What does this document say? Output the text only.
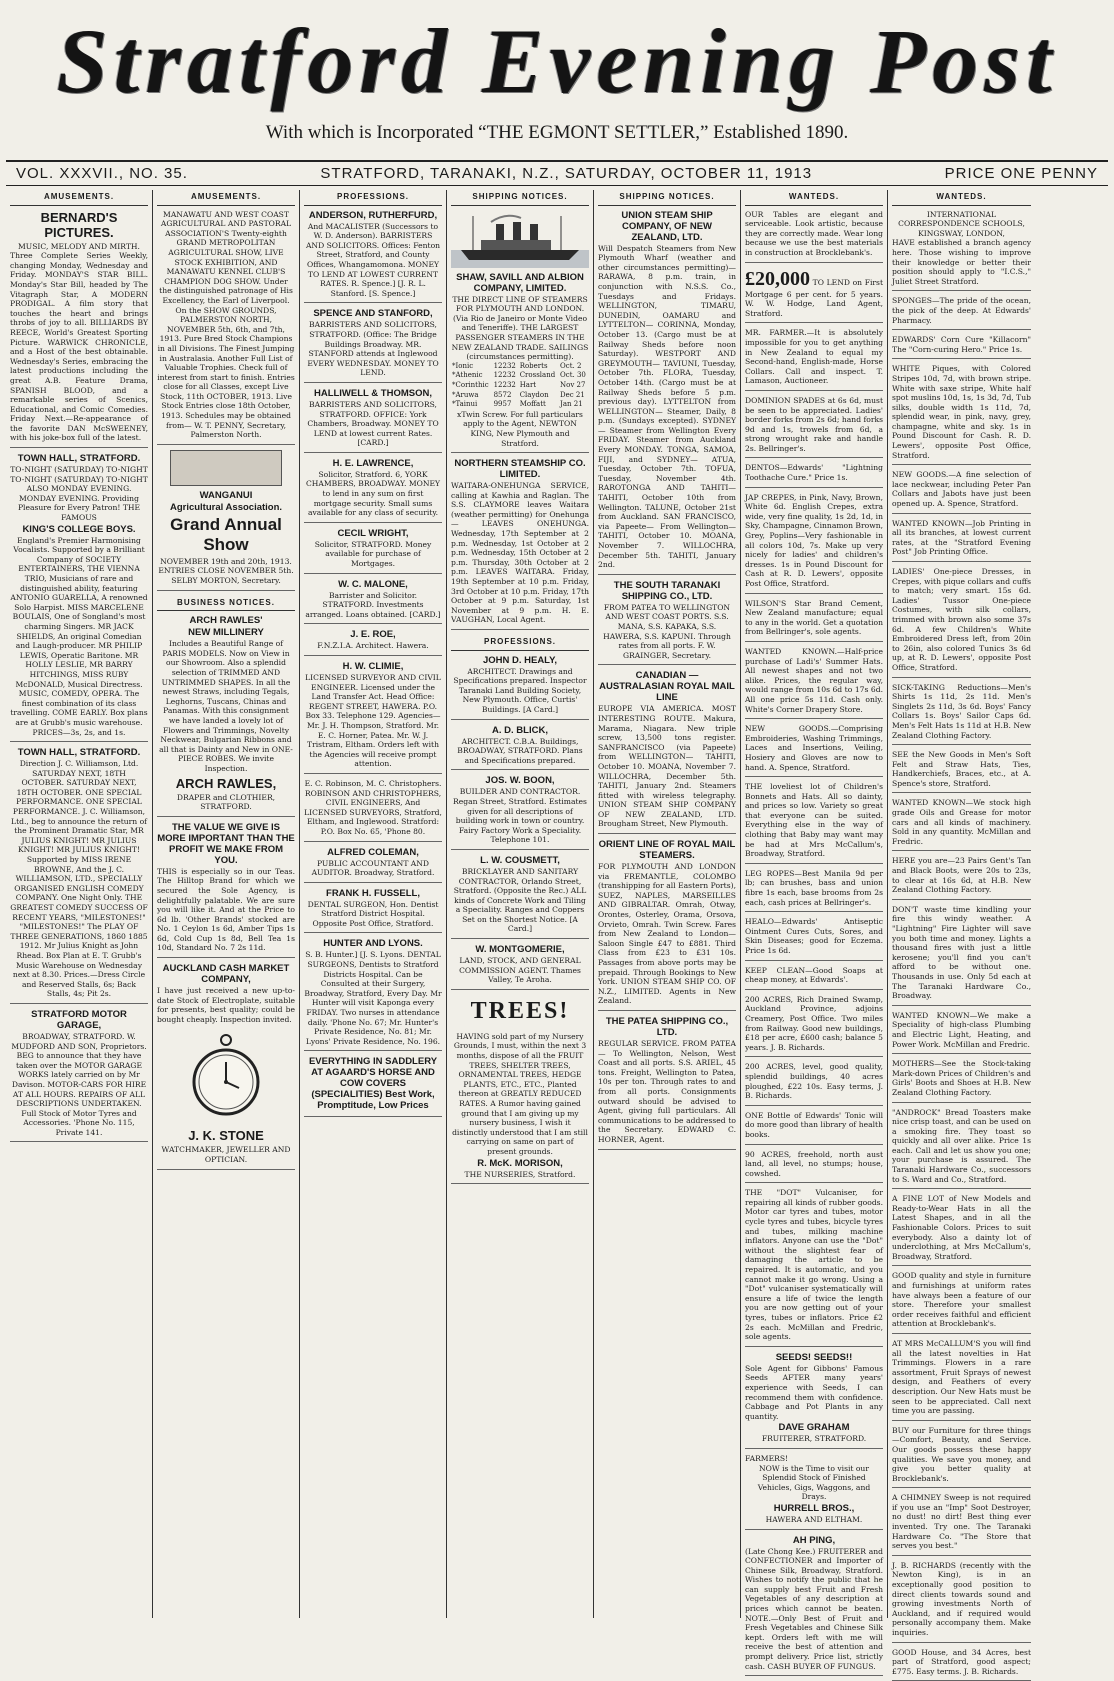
Stratford Evening Post
With which is Incorporated “THE EGMONT SETTLER,” Established 1890.
VOL. XXXVII., NO. 35.	STRATFORD, TARANAKI, N.Z., SATURDAY, OCTOBER 11, 1913	PRICE ONE PENNY
AMUSEMENTS.
BERNARD'S PICTURES.
MUSIC, MELODY AND MIRTH.
Three Complete Series Weekly, changing Monday, Wednesday and Friday. MONDAY'S STAR BILL. Monday's Star Bill, headed by The Vitagraph Star, A MODERN PRODIGAL. A film story that touches the heart and brings throbs of joy to all. BILLIARDS BY REECE, World's Greatest Sporting Picture. WARWICK CHRONICLE, and a Host of the best obtainable. Wednesday's Series, embracing the latest productions including the great A.B. Feature Drama, SPANISH BLOOD, and a remarkable series of Scenics, Educational, and Comic Comedies. Friday Next.—Re-appearance of the favorite DAN McSWEENEY, with his joke-box full of the latest.
TOWN HALL, STRATFORD.
TO-NIGHT (SATURDAY) TO-NIGHT TO-NIGHT (SATURDAY) TO-NIGHT ALSO MONDAY EVENING. MONDAY EVENING. Providing Pleasure for Every Patron! THE FAMOUS
KING'S COLLEGE BOYS.
England's Premier Harmonising Vocalists. Supported by a Brilliant Company of SOCIETY ENTERTAINERS, THE VIENNA TRIO, Musicians of rare and distinguished ability, featuring ANTONIO GUARELLA, A renowned Solo Harpist. MISS MARCELENE BOULAIS, One of Songland's most charming Singers. MR JACK SHIELDS, An original Comedian and Laugh-producer. MR PHILIP LEWIS, Operatic Baritone. MR HOLLY LESLIE, MR BARRY HITCHINGS, MISS RUBY McDONALD, Musical Directress. MUSIC, COMEDY, OPERA. The finest combination of its class travelling. COME EARLY. Box plans are at Grubb's music warehouse. PRICES—3s, 2s, and 1s.
TOWN HALL, STRATFORD.
Direction J. C. Williamson, Ltd. SATURDAY NEXT, 18TH OCTOBER. SATURDAY NEXT, 18TH OCTOBER. ONE SPECIAL PERFORMANCE. ONE SPECIAL PERFORMANCE. J. C. Williamson, Ltd., beg to announce the return of the Prominent Dramatic Star, MR JULIUS KNIGHT! MR JULIUS KNIGHT! MR JULIUS KNIGHT! Supported by MISS IRENE BROWNE, And the J. C. WILLIAMSON, LTD., SPECIALLY ORGANISED ENGLISH COMEDY COMPANY. One Night Only. THE GREATEST COMEDY SUCCESS OF RECENT YEARS, "MILESTONES!" "MILESTONES!" The PLAY OF THREE GENERATIONS, 1860 1885 1912. Mr Julius Knight as John Rhead. Box Plan at E. T. Grubb's Music Warehouse on Wednesday next at 8.30. Prices.—Dress Circle and Reserved Stalls, 6s; Back Stalls, 4s; Pit 2s.
STRATFORD MOTOR GARAGE,
BROADWAY, STRATFORD. W. MUDFORD AND SON, Proprietors. BEG to announce that they have taken over the MOTOR GARAGE WORKS lately carried on by Mr Davison. MOTOR-CARS FOR HIRE AT ALL HOURS. REPAIRS OF ALL DESCRIPTIONS UNDERTAKEN. Full Stock of Motor Tyres and Accessories. 'Phone No. 115, Private 141.
AMUSEMENTS.
MANAWATU AND WEST COAST AGRICULTURAL AND PASTORAL ASSOCIATION'S Twenty-eighth GRAND METROPOLITAN AGRICULTURAL SHOW, LIVE STOCK EXHIBITION, AND MANAWATU KENNEL CLUB'S CHAMPION DOG SHOW. Under the distinguished patronage of His Excellency, the Earl of Liverpool. On the SHOW GROUNDS, PALMERSTON NORTH, NOVEMBER 5th, 6th, and 7th, 1913. Pure Bred Stock Champions in all Divisions. The Finest Jumping in Australasia. Another Full List of Valuable Trophies. Check full of interest from start to finish. Entries close for all Classes, except Live Stock, 11th OCTOBER, 1913. Live Stock Entries close 18th October, 1913. Schedules may be obtained from— W. T. PENNY, Secretary, Palmerston North.
WANGANUI
Agricultural Association.
Grand Annual Show
NOVEMBER 19th and 20th, 1913. ENTRIES CLOSE NOVEMBER 5th. SELBY MORTON, Secretary.
BUSINESS NOTICES.
ARCH RAWLES'
NEW MILLINERY
Includes a Beautiful Range of PARIS MODELS. Now on View in our Showroom. Also a splendid selection of TRIMMED AND UNTRIMMED SHAPES. In all the newest Straws, including Tegals, Leghorns, Tuscans, Chinas and Panamas. With this consignment we have landed a lovely lot of Flowers and Trimmings, Novelty Neckwear, Bulgarian Ribbons and all that is Dainty and New in ONE-PIECE ROBES. We invite Inspection.
ARCH RAWLES,
DRAPER and CLOTHIER, STRATFORD.
THE VALUE WE GIVE IS MORE IMPORTANT THAN THE PROFIT WE MAKE FROM YOU.
THIS is especially so in our Teas. The Hilltop Brand for which we secured the Sole Agency, is delightfully palatable. We are sure you will like it. And at the Price to 6d lb. 'Other Brands' stocked are No. 1 Ceylon 1s 6d, Amber Tips 1s 6d, Cold Cup 1s 8d, Bell Tea 1s 10d, Standard No. 7 2s 11d.
AUCKLAND CASH MARKET COMPANY,
I have just received a new up-to-date Stock of Electroplate, suitable for presents, best quality; could be bought cheaply. Inspection invited.
J. K. STONE
WATCHMAKER, JEWELLER AND OPTICIAN.
PROFESSIONS.
ANDERSON, RUTHERFURD,
And MACALISTER (Successors to W. D. Anderson). BARRISTERS AND SOLICITORS. Offices: Fenton Street, Stratford, and County Offices, Whangamomona. MONEY TO LEND AT LOWEST CURRENT RATES. R. Spence.] [J. R. L. Stanford. [S. Spence.]
SPENCE AND STANFORD,
BARRISTERS AND SOLICITORS, STRATFORD. (Office: The Bridge Buildings Broadway. MR. STANFORD attends at Inglewood EVERY WEDNESDAY. MONEY TO LEND.
HALLIWELL & THOMSON,
BARRISTERS AND SOLICITORS, STRATFORD. OFFICE: York Chambers, Broadway. MONEY TO LEND at lowest current Rates. [CARD.]
H. E. LAWRENCE,
Solicitor, Stratford. 6, YORK CHAMBERS, BROADWAY. MONEY to lend in any sum on first mortgage security. Small sums available for any class of security.
CECIL WRIGHT,
Solicitor, STRATFORD. Money available for purchase of Mortgages.
W. C. MALONE,
Barrister and Solicitor. STRATFORD. Investments arranged. Loans obtained. [CARD.]
J. E. ROE,
F.N.Z.I.A. Architect. Hawera.
H. W. CLIMIE,
LICENSED SURVEYOR AND CIVIL ENGINEER. Licensed under the Land Transfer Act. Head Office: REGENT STREET, HAWERA. P.O. Box 33. Telephone 129. Agencies— Mr. J. H. Thompson, Stratford. Mr. E. C. Horner, Patea. Mr. W. J. Tristram, Eltham. Orders left with the Agencies will receive prompt attention.
E. C. Robinson, M. C. Christophers. ROBINSON AND CHRISTOPHERS, CIVIL ENGINEERS, And LICENSED SURVEYORS, Stratford, Eltham, and Inglewood. Stratford: P.O. Box No. 65, 'Phone 80.
ALFRED COLEMAN,
PUBLIC ACCOUNTANT AND AUDITOR. Broadway, Stratford.
FRANK H. FUSSELL,
DENTAL SURGEON, Hon. Dentist Stratford District Hospital. Opposite Post Office, Stratford.
HUNTER AND LYONS.
S. B. Hunter.] [J. S. Lyons. DENTAL SURGEONS, Dentists to Stratford Districts Hospital. Can be Consulted at their Surgery, Broadway, Stratford, Every Day. Mr Hunter will visit Kaponga every FRIDAY. Two nurses in attendance daily. 'Phone No. 67; Mr. Hunter's Private Residence, No. 81; Mr. Lyons' Private Residence, No. 196.
EVERYTHING IN SADDLERY AT AGAARD'S HORSE AND COW COVERS (SPECIALITIES) Best Work, Promptitude, Low Prices
SHIPPING NOTICES.
SHAW, SAVILL AND ALBION COMPANY, LIMITED.
THE DIRECT LINE OF STEAMERS FOR PLYMOUTH AND LONDON. (Via Rio de Janeiro or Monte Video and Teneriffe). THE LARGEST PASSENGER STEAMERS IN THE NEW ZEALAND TRADE. SAILINGS (circumstances permitting).
*Ionic	12232	Roberts	Oct. 2
*Athenic	12232	Crossland	Oct. 30
*Corinthic	12232	Hart	Nov 27
*Aruwa	8572	Claydon	Dec 21
*Tainui	9957	Moffatt	Jan 21
xTwin Screw. For full particulars apply to the Agent, NEWTON KING, New Plymouth and Stratford.
NORTHERN STEAMSHIP CO. LIMITED.
WAITARA-ONEHUNGA SERVICE, calling at Kawhia and Raglan. The S.S. CLAYMORE leaves Waitara (weather permitting) for Onehunga— LEAVES ONEHUNGA. Wednesday, 17th September at 2 p.m. Wednesday, 1st October at 2 p.m. Wednesday, 15th October at 2 p.m. Thursday, 30th October at 2 p.m. LEAVES WAITARA. Friday, 19th September at 10 p.m. Friday, 3rd October at 10 p.m. Friday, 17th October at 9 p.m. Saturday, 1st November at 9 p.m. H. E. VAUGHAN, Local Agent.
PROFESSIONS.
JOHN D. HEALY,
ARCHITECT. Drawings and Specifications prepared. Inspector Taranaki Land Building Society, New Plymouth. Office, Curtis' Buildings. [A Card.]
A. D. BLICK,
ARCHITECT. C.B.A. Buildings, BROADWAY, STRATFORD. Plans and Specifications prepared.
JOS. W. BOON,
BUILDER AND CONTRACTOR. Regan Street, Stratford. Estimates given for all descriptions of building work in town or country. Fairy Factory Work a Speciality. Telephone 101.
L. W. COUSMETT,
BRICKLAYER AND SANITARY CONTRACTOR, Orlando Street, Stratford. (Opposite the Rec.) ALL kinds of Concrete Work and Tiling a Speciality. Ranges and Coppers Set on the Shortest Notice. [A Card.]
W. MONTGOMERIE,
LAND, STOCK, AND GENERAL COMMISSION AGENT. Thames Valley, Te Aroha.
TREES!
HAVING sold part of my Nursery Grounds, I must, within the next 3 months, dispose of all the FRUIT TREES, SHELTER TREES, ORNAMENTAL TREES, HEDGE PLANTS, ETC., ETC., Planted thereon at GREATLY REDUCED RATES. A Rumor having gained ground that I am giving up my nursery business, I wish it distinctly understood that I am still carrying on same on part of present grounds.
R. McK. MORISON,
THE NURSERIES, Stratford.
SHIPPING NOTICES.
UNION STEAM SHIP COMPANY, OF NEW ZEALAND, LTD.
Will Despatch Steamers from New Plymouth Wharf (weather and other circumstances permitting)— RARAWA, 8 p.m. train, in conjunction with N.S.S. Co., Tuesdays and Fridays. WELLINGTON, TIMARU, DUNEDIN, OAMARU and LYTTELTON— CORINNA, Monday, October 13. (Cargo must be at Railway Sheds before noon Saturday). WESTPORT AND GREYMOUTH— TAVIUNI, Tuesday, October 7th. FLORA, Tuesday, October 14th. (Cargo must be at Railway Sheds before 5 p.m. previous day). LYTTELTON from WELLINGTON— Steamer, Daily, 8 p.m. (Sundays excepted). SYDNEY— Steamer from Wellington Every FRIDAY. Steamer from Auckland Every MONDAY. TONGA, SAMOA, FIJI, and SYDNEY— ATUA, Tuesday, October 7th. TOFUA, Tuesday, November 4th. RAROTONGA AND TAHITI— TAHITI, October 10th from Wellington. TALUNE, October 21st from Auckland. SAN FRANCISCO, via Papeete— From Wellington— TAHITI, October 10. MOANA, November 7. WILLOCHRA, December 5th. TAHITI, January 2nd.
THE SOUTH TARANAKI SHIPPING CO., LTD.
FROM PATEA TO WELLINGTON AND WEST COAST PORTS. S.S. MANA, S.S. KAPAKA, S.S. HAWERA, S.S. KAPUNI. Through rates from all ports. F. W. GRAINGER, Secretary.
CANADIAN — AUSTRALASIAN ROYAL MAIL LINE
EUROPE VIA AMERICA. MOST INTERESTING ROUTE. Makura, Marama, Niagara. New triple screw, 13,500 tons register. SANFRANCISCO (via Papeete) from WELLINGTON— TAHITI, October 10. MOANA, November 7. WILLOCHRA, December 5th. TAHITI, January 2nd. Steamers fitted with wireless telegraphy. UNION STEAM SHIP COMPANY OF NEW ZEALAND, LTD. Brougham Street, New Plymouth.
ORIENT LINE OF ROYAL MAIL STEAMERS.
FOR PLYMOUTH AND LONDON via FREMANTLE, COLOMBO (transhipping for all Eastern Ports), SUEZ, NAPLES, MARSEILLES AND GIBRALTAR. Omrah, Otway, Orontes, Osterley, Orama, Orsova, Orvieto, Omrah. Twin Screw. Fares from New Zealand to London— Saloon Single £47 to £881. Third Class from £23 to £31 10s. Passages from above ports may be prepaid. Through Bookings to New York. UNION STEAM SHIP CO. OF N.Z., LIMITED. Agents in New Zealand.
THE PATEA SHIPPING CO., LTD.
REGULAR SERVICE. FROM PATEA— To Wellington, Nelson, West Coast and all ports. S.S. ARIEL, 45 tons. Freight, Wellington to Patea, 10s per ton. Through rates to and from all ports. Consignments outward should be advised to Agent, giving full particulars. All communications to be addressed to the Secretary. EDWARD C. HORNER, Agent.
WANTEDS.
OUR Tables are elegant and serviceable. Look artistic, because they are correctly made. Wear long because we use the best materials in construction at Brocklebank's.
£20,000 TO LEND on First Mortgage 6 per cent. for 5 years. W. W. Hodge, Land Agent, Stratford.
MR. FARMER.—It is absolutely impossible for you to get anything in New Zealand to equal my Second-hand, English-made, Horse Collars. Call and inspect. T. Lamason, Auctioneer.
DOMINION SPADES at 6s 6d, must be seen to be appreciated. Ladies' border forks from 2s 6d; hand forks 9d and 1s, trowels from 6d, a strong wrought rake and handle 2s. Bellringer's.
DENTOS—Edwards' "Lightning Toothache Cure." Price 1s.
JAP CREPES, in Pink, Navy, Brown, White 6d. English Crepes, extra wide, very fine quality, 1s 2d, 1d, in Sky, Champagne, Cinnamon Brown, Grey, Poplins—Very fashionable in all colors 10d, 7s. Make up very nicely for ladies' and children's dresses. 1s in Pound Discount for Cash at R. D. Lewers', opposite Post Office, Stratford.
WILSON'S Star Brand Cement, New Zealand manufacture; equal to any in the world. Get a quotation from Bellringer's, sole agents.
WANTED KNOWN.—Half-price purchase of Ladi's' Summer Hats. All newest shapes and not two alike. Prices, the regular way, would range from 10s 6d to 17s 6d. All one price 5s 11d. Cash only. White's Corner Drapery Store.
NEW GOODS.—Comprising Embroideries, Washing Trimmings, Laces and Insertions, Veiling, Hosiery and Gloves are now to hand. A. Spence, Stratford.
THE loveliest lot of Children's Bonnets and Hats. All so dainty, and prices so low. Variety so great that everyone can be suited. Everything else in the way of clothing that Baby may want may be had at Mrs McCallum's, Broadway, Stratford.
LEG ROPES—Best Manila 9d per lb; can brushes, bass and union fibre 1s each, base brooms from 2s each, cash prices at Bellringer's.
HEALO—Edwards' Antiseptic Ointment Cures Cuts, Sores, and Skin Diseases; good for Eczema. Price 1s 6d.
KEEP CLEAN—Good Soaps at cheap money, at Edwards'.
200 ACRES, Rich Drained Swamp, Auckland Province, adjoins Creamery, Post Office. Two miles from Railway. Good new buildings, £18 per acre, £600 cash; balance 5 years. J. B. Richards.
200 ACRES, level, good quality, splendid buildings, 40 acres ploughed, £22 10s. Easy terms, J. B. Richards.
ONE Bottle of Edwards' Tonic will do more good than library of health books.
90 ACRES, freehold, north aust land, all level, no stumps; house, cowshed.
THE "DOT" Vulcaniser, for repairing all kinds of rubber goods. Motor car tyres and tubes, motor cycle tyres and tubes, bicycle tyres and tubes, milking machine inflators. Anyone can use the "Dot" without the slightest fear of damaging the article to be repaired. It is automatic, and you cannot make it go wrong. Using a "Dot" vulcaniser systematically will ensure a life of twice the length you are now getting out of your tyres, tubes or inflators. Price £2 2s each. McMillan and Fredric, sole agents.
SEEDS! SEEDS!!
Sole Agent for Gibbons' Famous Seeds AFTER many years' experience with Seeds, I can recommend them with confidence. Cabbage and Pot Plants in any quantity.
DAVE GRAHAM
FRUITERER, STRATFORD.
FARMERS!
NOW is the Time to visit our Splendid Stock of Finished Vehicles, Gigs, Waggons, and Drays.
HURRELL BROS.,
HAWERA AND ELTHAM.
AH PING,
(Late Chong Kee.) FRUITERER and CONFECTIONER and Importer of Chinese Silk, Broadway, Stratford. Wishes to notify the public that he can supply best Fruit and Fresh Vegetables of any description at prices which cannot be beaten. NOTE.—Only Best of Fruit and Fresh Vegetables and Chinese Silk kept. Orders left with me will receive the best of attention and prompt delivery. Price list, strictly cash. CASH BUYER OF FUNGUS.
WANTEDS.
INTERNATIONAL CORRESPONDENCE SCHOOLS, KINGSWAY, LONDON,
HAVE established a branch agency here. Those wishing to improve their knowledge or better their position should apply to "I.C.S.," Juliet Street Stratford.
SPONGES—The pride of the ocean, the pick of the deep. At Edwards' Pharmacy.
EDWARDS' Corn Cure "Killacorn" The "Corn-curing Hero." Price 1s.
WHITE Piques, with Colored Stripes 10d, 7d, with brown stripe. White with saxe stripe, White half spot muslins 10d, 1s, 1s 3d, 7d, Tub silks, double width 1s 11d, 7d, splendid wear, in pink, navy, grey, champagne, white and sky. 1s in Pound Discount for Cash. R. D. Lewers', opposite Post Office, Stratford.
NEW GOODS.—A fine selection of lace neckwear, including Peter Pan Collars and Jabots have just been opened up. A. Spence, Stratford.
WANTED KNOWN—Job Printing in all its branches, at lowest current rates, at the "Stratford Evening Post" Job Printing Office.
LADIES' One-piece Dresses, in Crepes, with pique collars and cuffs to match; very smart. 15s 6d. Ladies' Tussor One-piece Costumes, with silk collars, trimmed with brown also some 37s 6d. A few Children's White Embroidered Dress left, from 20in to 26in, also colored Tunics 3s 6d up, at R. D. Lewers', opposite Post Office, Stratford.
SICK-TAKING Reductions—Men's Shirts 1s 11d, 2s 11d. Men's Singlets 2s 11d, 3s 6d. Boys' Fancy Collars 1s. Boys' Sailor Caps 6d. Men's Felt Hats 1s 11d at H.B. New Zealand Clothing Factory.
SEE the New Goods in Men's Soft Felt and Straw Hats, Ties, Handkerchiefs, Braces, etc., at A. Spence's store, Stratford.
WANTED KNOWN—We stock high grade Oils and Grease for motor cars and all kinds of machinery. Sold in any quantity. McMillan and Fredric.
HERE you are—23 Pairs Gent's Tan and Black Boots, were 20s to 23s, to clear at 16s 6d, at H.B. New Zealand Clothing Factory.
DON'T waste time kindling your fire this windy weather. A "Lightning" Fire Lighter will save you both time and money. Lights a thousand fires with just a little kerosene; you'll find you can't afford to be without one. Thousands in use. Only 5d each at The Taranaki Hardware Co., Broadway.
WANTED KNOWN—We make a Speciality of high-class Plumbing and Electric Light, Heating, and Power Work. McMillan and Fredric.
MOTHERS—See the Stock-taking Mark-down Prices of Children's and Girls' Boots and Shoes at H.B. New Zealand Clothing Factory.
"ANDROCK" Bread Toasters make nice crisp toast, and can be used on a smoking fire. They toast so quickly and all over alike. Price 1s each. Call and let us show you one; your purchase is assured. The Taranaki Hardware Co., successors to S. Ward and Co., Stratford.
A FINE LOT of New Models and Ready-to-Wear Hats in all the Latest Shapes, and in all the Fashionable Colors. Prices to suit everybody. Also a dainty lot of underclothing, at Mrs McCallum's, Broadway, Stratford.
GOOD quality and style in furniture and furnishings at uniform rates have always been a feature of our store. Therefore your smallest order receives faithful and efficient attention at Brocklebank's.
AT MRS McCALLUM'S you will find all the latest novelties in Hat Trimmings. Flowers in a rare assortment, Fruit Sprays of newest design, and Feathers of every description. Our New Hats must be seen to be appreciated. Call next time you are passing.
BUY our Furniture for three things—Comfort, Beauty, and Service. Our goods possess these happy qualities. We save you money, and give you better quality at Brocklebank's.
A CHIMNEY Sweep is not required if you use an "Imp" Soot Destroyer, no dust! no dirt! Best thing ever invented. Try one. The Taranaki Hardware Co. "The Store that serves you best."
J. B. RICHARDS (recently with the Newton King), is in an exceptionally good position to direct clients towards sound and growing investments North of Auckland, and if required would personally accompany them. Make inquiries.
GOOD House, and 34 Acres, best part of Stratford, good aspect; £775. Easy terms. J. B. Richards.
